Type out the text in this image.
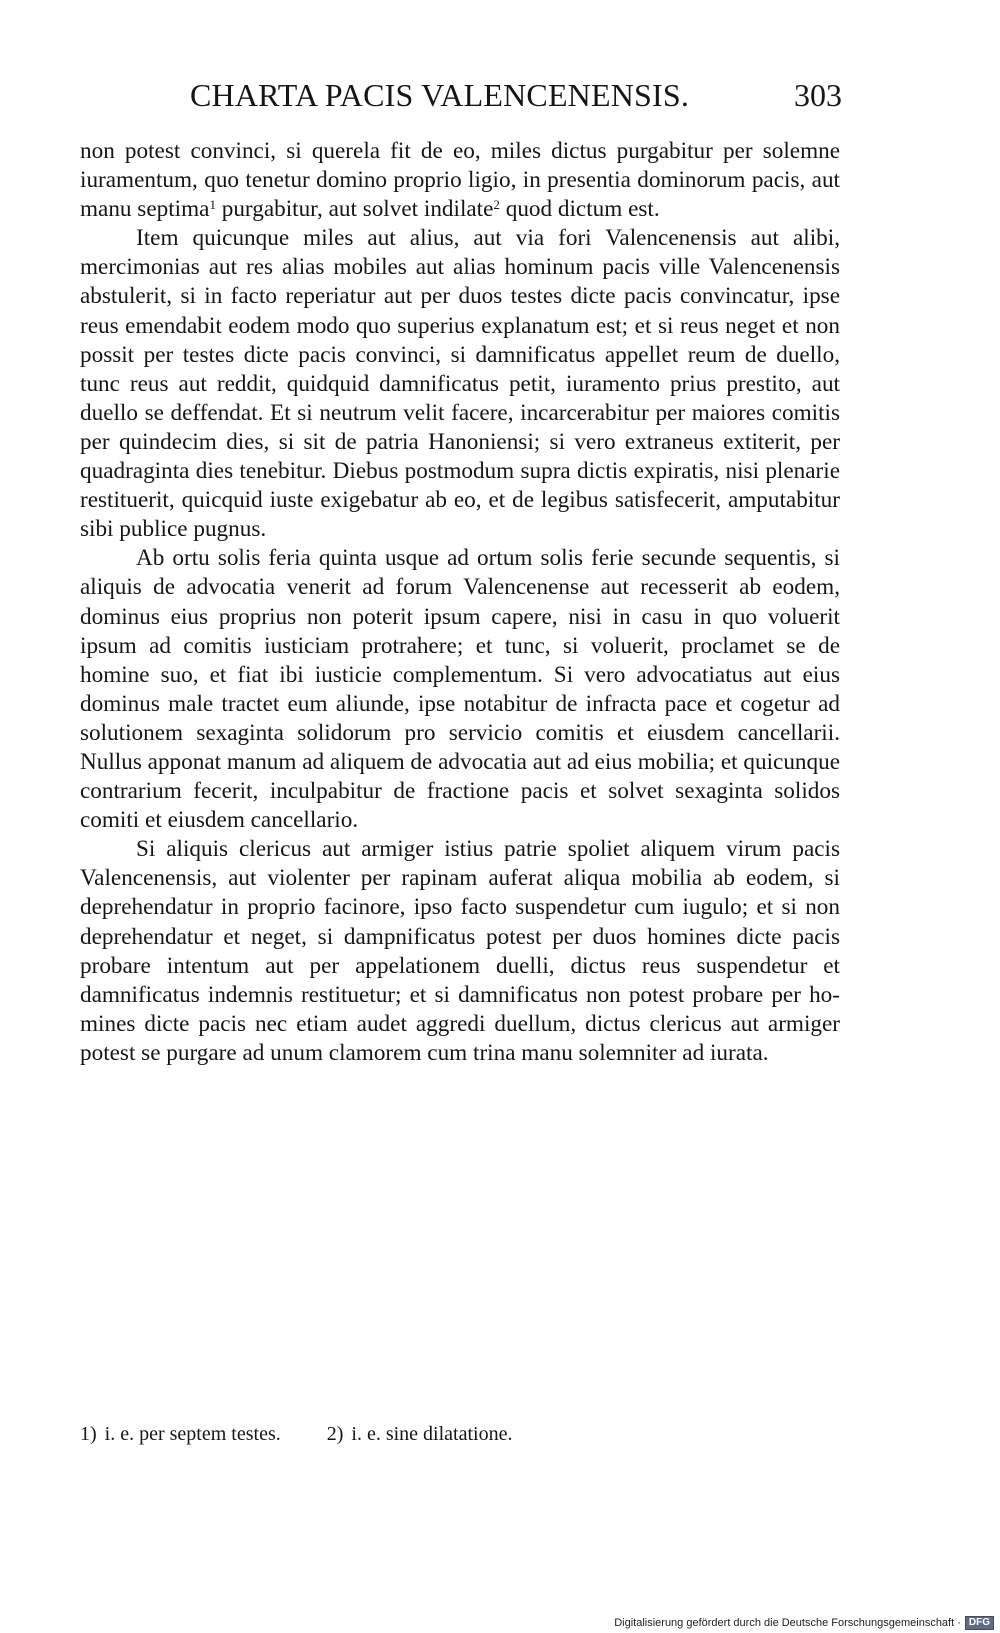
CHARTA PACIS VALENCENENSIS.	303

non potest convinci, si querela fit de eo, miles dictus purgabitur per solemne iuramentum, quo tenetur domino proprio ligio, in presentia dominorum pacis, aut manu septima$^1$ purgabitur, aut solvet indilate$^2$ quod dictum est.

Item quicunque miles aut alius, aut via fori Valencenensis aut alibi, mercimonias aut res alias mobiles aut alias hominum pacis ville Valencenensis abstulerit, si in facto reperiatur aut per duos testes dicte pacis convincatur, ipse reus emendabit eodem modo quo superius explanatum est; et si reus neget et non possit per testes dicte pacis convinci, si damnificatus appellet reum de duello, tunc reus aut reddit, quidquid damnificatus petit, iuramento prius prestito, aut duello se deffendat. Et si neutrum velit facere, incarcerabitur per maiores comitis per quindecim dies, si sit de patria Hanoniensi; si vero extraneus extiterit, per quadraginta dies tenebitur. Diebus postmodum supra dictis expiratis, nisi plenarie restituerit, quicquid iuste exigebatur ab eo, et de legibus satisfecerit, amputabitur sibi publice pugnus.

Ab ortu solis feria quinta usque ad ortum solis ferie secunde sequentis, si aliquis de advocatia venerit ad forum Valencenense aut recesserit ab eodem, dominus eius proprius non poterit ipsum capere, nisi in casu in quo voluerit ipsum ad comitis iusticiam protrahere; et tunc, si voluerit, proclamet se de homine suo, et fiat ibi iusticie complementum. Si vero advocatiatus aut eius dominus male tractet eum aliunde, ipse notabitur de infracta pace et cogetur ad solutionem sexaginta solidorum pro servicio comitis et eiusdem cancellarii. Nullus apponat manum ad aliquem de advocatia aut ad eius mobilia; et quicunque contrarium fecerit, inculpabitur de fractione pacis et solvet sexaginta solidos comiti et eiusdem cancellario.

Si aliquis clericus aut armiger istius patrie spoliet aliquem virum pacis Valencenensis, aut violenter per rapinam auferat aliqua mobilia ab eodem, si deprehendatur in proprio facinore, ipso facto suspendetur cum iugulo; et si non deprehendatur et neget, si dampnificatus potest per duos homines dicte pacis probare intentum aut per appelationem duelli, dictus reus suspendetur et damnificatus indemnis restituetur; et si damnificatus non potest probare per homines dicte pacis nec etiam audet aggredi duellum, dictus clericus aut armiger potest se purgare ad unum clamorem cum trina manu solemniter ad iurata.

1) i. e. per septem testes. 2) i. e. sine dilatatione.
Digitalisierung gefördert durch die Deutsche Forschungsgemeinschaft · DFG
